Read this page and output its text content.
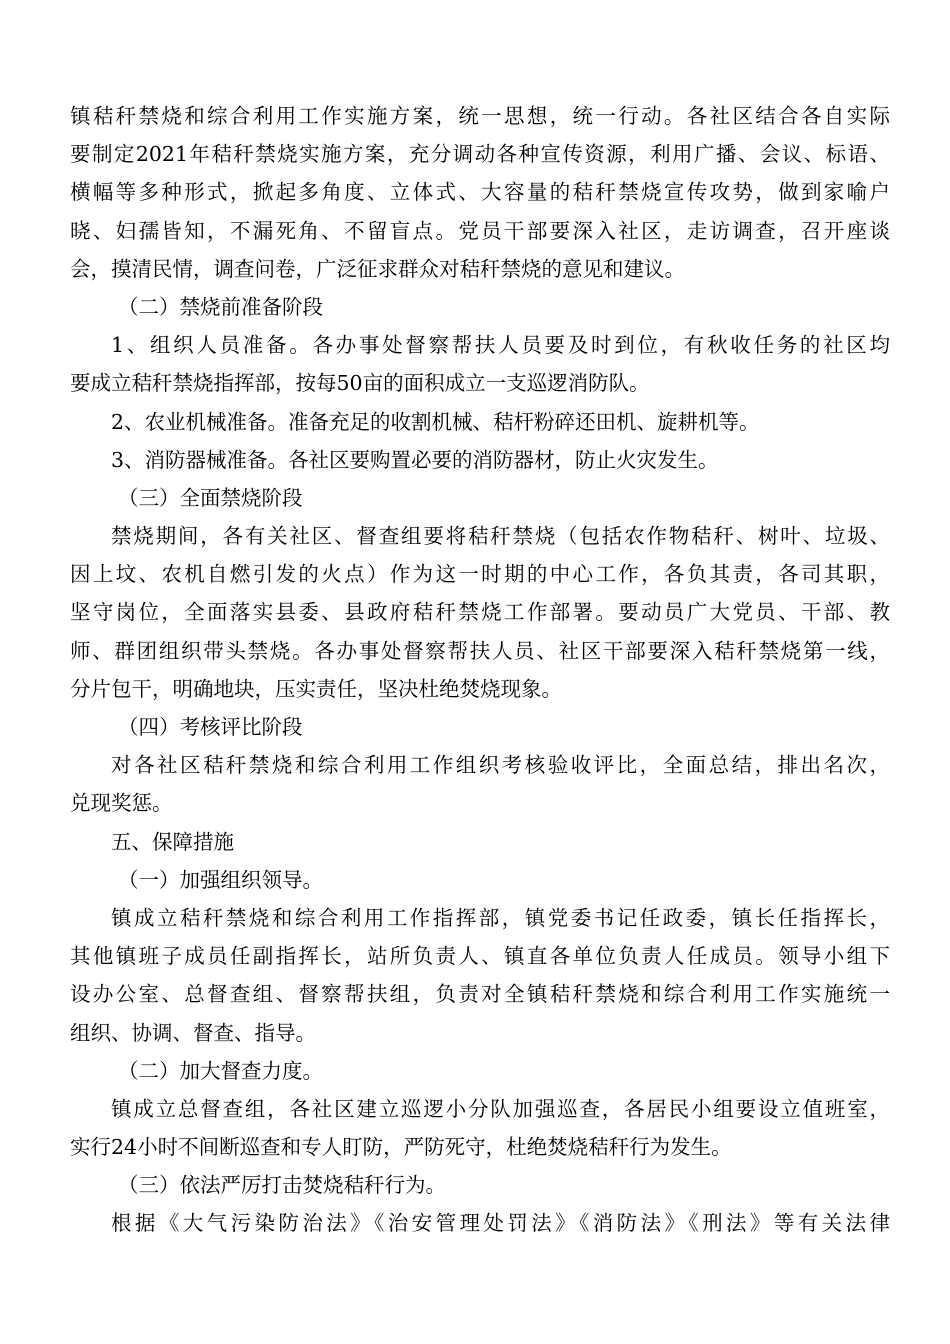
镇秸秆禁烧和综合利用工作实施方案，统一思想，统一行动。各社区结合各自实际
要制定2021年秸秆禁烧实施方案，充分调动各种宣传资源，利用广播、会议、标语、
横幅等多种形式，掀起多角度、立体式、大容量的秸秆禁烧宣传攻势，做到家喻户
晓、妇孺皆知，不漏死角、不留盲点。党员干部要深入社区，走访调查，召开座谈
会，摸清民情，调查问卷，广泛征求群众对秸秆禁烧的意见和建议。
（二）禁烧前准备阶段
1、组织人员准备。各办事处督察帮扶人员要及时到位，有秋收任务的社区均
要成立秸秆禁烧指挥部，按每50亩的面积成立一支巡逻消防队。
2、农业机械准备。准备充足的收割机械、秸杆粉碎还田机、旋耕机等。
3、消防器械准备。各社区要购置必要的消防器材，防止火灾发生。
（三）全面禁烧阶段
禁烧期间，各有关社区、督查组要将秸秆禁烧（包括农作物秸秆、树叶、垃圾、
因上坟、农机自燃引发的火点）作为这一时期的中心工作，各负其责，各司其职，
坚守岗位，全面落实县委、县政府秸秆禁烧工作部署。要动员广大党员、干部、教
师、群团组织带头禁烧。各办事处督察帮扶人员、社区干部要深入秸秆禁烧第一线，
分片包干，明确地块，压实责任，坚决杜绝焚烧现象。
（四）考核评比阶段
对各社区秸秆禁烧和综合利用工作组织考核验收评比，全面总结，排出名次，
兑现奖惩。
五、保障措施
（一）加强组织领导。
镇成立秸秆禁烧和综合利用工作指挥部，镇党委书记任政委，镇长任指挥长，
其他镇班子成员任副指挥长，站所负责人、镇直各单位负责人任成员。领导小组下
设办公室、总督查组、督察帮扶组，负责对全镇秸秆禁烧和综合利用工作实施统一
组织、协调、督查、指导。
（二）加大督查力度。
镇成立总督查组，各社区建立巡逻小分队加强巡查，各居民小组要设立值班室，
实行24小时不间断巡查和专人盯防，严防死守，杜绝焚烧秸秆行为发生。
（三）依法严厉打击焚烧秸秆行为。
根据《大气污染防治法》《治安管理处罚法》《消防法》《刑法》等有关法律
